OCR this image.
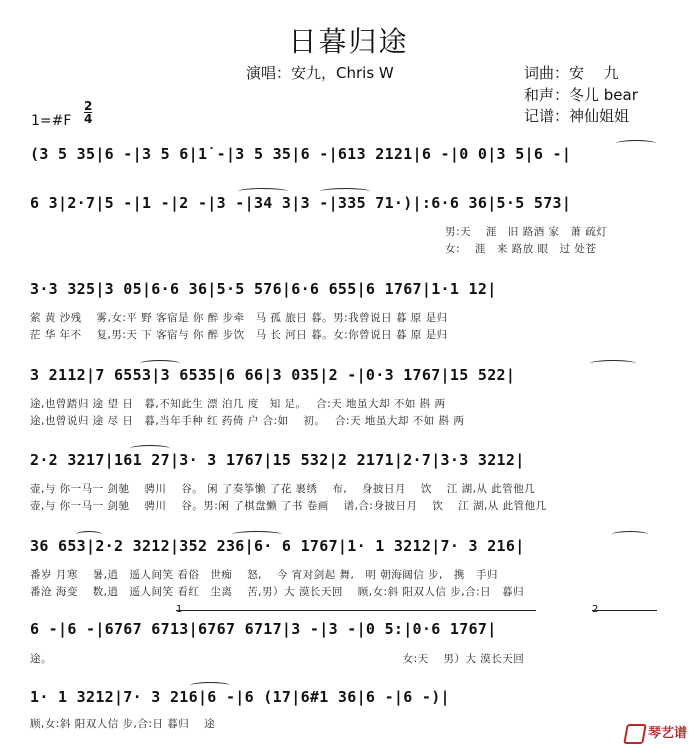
日暮归途
演唱：安九，Chris W	词曲：安　 九
和声：冬儿 bear
记谱：神仙姐姐
1=#F
2
4
(3 5 35|6 -|3 5 6|1̇ -|3 5 35|6 -|613 2121|6 -|0 0|3 5|6 -|
6 3|2·7|5 -|1 -|2 -|3 -|34 3|3 -|335 71·)|:6·6 36|5·5 573|
男:天　 涯　旧 路酒 家　萧 疏灯
女:　 涯　来 路放 眼　过 处苍
3·3 325|3 05|6·6 36|5·5 576|6·6 655|6 1767|1·1 12|
萦 黄 沙残　 雾,女:平 野 客宿是 你 醉 步牵　马 孤 旅日 暮。男:我曾说日 暮 原 是归
茫 华 年不　 复,男:天 下 客宿与 你 醉 步饮　马 长 河日 暮。女:你曾说日 暮 原 是归
3 2112|7 6553|3 6535|6 66|3 035|2 -|0·3 1767|15 522|
途,也曾踏归 途 望 日　暮,不知此生 漂 泊几 度　知 足。　 合:天 地虽大却 不如 斟 两
途,也曾说归 途 尽 日　暮,当年手种 红 药倚 户 合:如　 初。　 合:天 地虽大却 不如 斟 两
2·2 3217|161 27|3· 3 1767|15 532|2 2171|2·7|3·3 3212|
壶,与 你一马一 剑驰　 骋川　 谷。 闲 了奏筝懒 了花 裹绣　 布,　 身披日月　 饮　 江 湖,从 此管他几
壶,与 你一马一 剑驰　 骋川　 谷。男:闲 了棋盘懒 了书 卷画　 谱,合:身披日月　 饮　 江 湖,从 此管他几
36 653|2·2 3212|352 236|6· 6 1767|1· 1 3212|7· 3 216|
番岁 月寒　 暑,逍　遥人间笑 看俗　世痴　 怒,　 今 宵对剑起 舞,　明 朝海阔信 步,　携　手归
番沧 海变　 数,逍　遥人间笑 看红　尘离　 苦,男）大 漠长天回　 顾,女:斜 阳双人信 步,合:日　暮归
1	2
6 -|6 -|6767 6713|6767 6717|3 -|3 -|0 5:|0·6 1767|
途。　　　　　　　　　　　　　　　　　　　　　　　　　　　　　　　　 女:天　 男）大 漠长天回
1· 1 3212|7· 3 216|6 -|6 (17|6#1 36|6 -|6 -)|
顾,女:斜 阳双人信 步,合:日 暮归　 途
琴艺谱
